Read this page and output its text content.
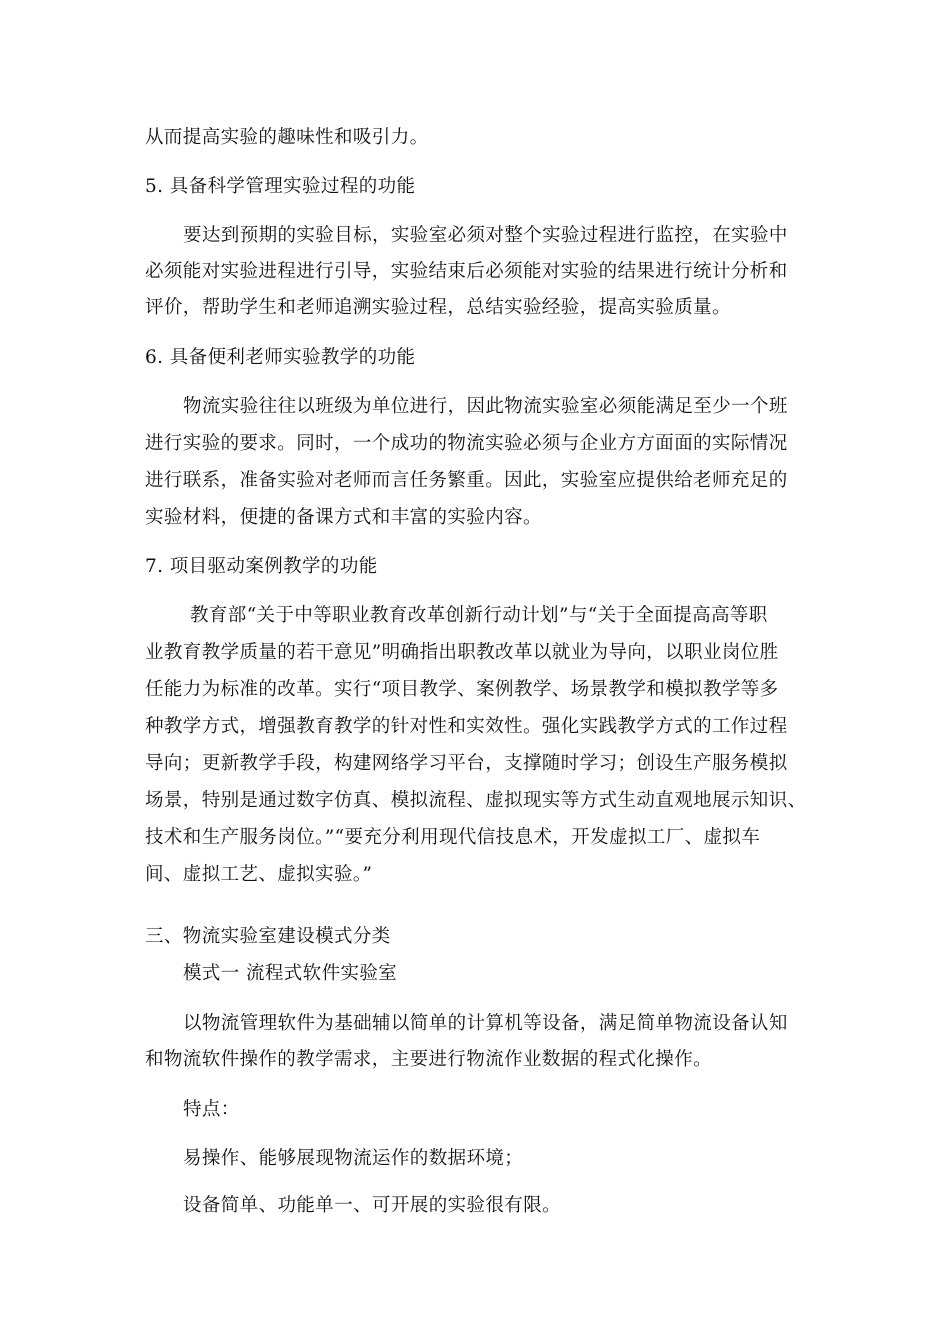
从而提高实验的趣味性和吸引力。
5. 具备科学管理实验过程的功能
要达到预期的实验目标，实验室必须对整个实验过程进行监控，在实验中
必须能对实验进程进行引导，实验结束后必须能对实验的结果进行统计分析和
评价，帮助学生和老师追溯实验过程，总结实验经验，提高实验质量。
6. 具备便利老师实验教学的功能
物流实验往往以班级为单位进行，因此物流实验室必须能满足至少一个班
进行实验的要求。同时，一个成功的物流实验必须与企业方方面面的实际情况
进行联系，准备实验对老师而言任务繁重。因此，实验室应提供给老师充足的
实验材料，便捷的备课方式和丰富的实验内容。
7. 项目驱动案例教学的功能
教育部“关于中等职业教育改革创新行动计划”与“关于全面提高高等职
业教育教学质量的若干意见”明确指出职教改革以就业为导向，以职业岗位胜
任能力为标准的改革。实行“项目教学、案例教学、场景教学和模拟教学等多
种教学方式，增强教育教学的针对性和实效性。强化实践教学方式的工作过程
导向；更新教学手段，构建网络学习平台，支撑随时学习；创设生产服务模拟
场景，特别是通过数字仿真、模拟流程、虚拟现实等方式生动直观地展示知识、
技术和生产服务岗位。”“要充分利用现代信技息术，开发虚拟工厂、虚拟车
间、虚拟工艺、虚拟实验。”
三、物流实验室建设模式分类
模式一 流程式软件实验室
以物流管理软件为基础辅以简单的计算机等设备，满足简单物流设备认知
和物流软件操作的教学需求，主要进行物流作业数据的程式化操作。
特点：
易操作、能够展现物流运作的数据环境；
设备简单、功能单一、可开展的实验很有限。
